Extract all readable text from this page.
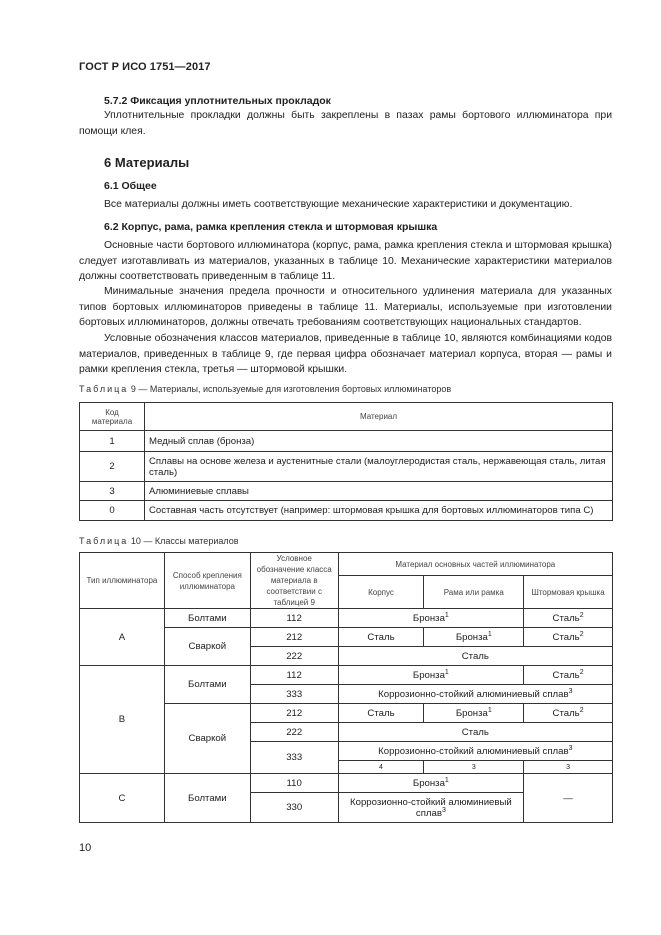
ГОСТ Р ИСО 1751—2017
5.7.2 Фиксация уплотнительных прокладок
Уплотнительные прокладки должны быть закреплены в пазах рамы бортового иллюминатора при помощи клея.
6 Материалы
6.1 Общее
Все материалы должны иметь соответствующие механические характеристики и документацию.
6.2 Корпус, рама, рамка крепления стекла и штормовая крышка
Основные части бортового иллюминатора (корпус, рама, рамка крепления стекла и штормовая крышка) следует изготавливать из материалов, указанных в таблице 10. Механические характеристики материалов должны соответствовать приведенным в таблице 11.
Минимальные значения предела прочности и относительного удлинения материала для указанных типов бортовых иллюминаторов приведены в таблице 11. Материалы, используемые при изготовлении бортовых иллюминаторов, должны отвечать требованиям соответствующих национальных стандартов.
Условные обозначения классов материалов, приведенные в таблице 10, являются комбинациями кодов материалов, приведенных в таблице 9, где первая цифра обозначает материал корпуса, вторая — рамы и рамки крепления стекла, третья — штормовой крышки.
Таблица 9 — Материалы, используемые для изготовления бортовых иллюминаторов
Код материала	Материал
1	Медный сплав (бронза)
2	Сплавы на основе железа и аустенитные стали (малоуглеродистая сталь, нержавеющая сталь, литая сталь)
3	Алюминиевые сплавы
0	Составная часть отсутствует (например: штормовая крышка для бортовых иллюминаторов типа С)
Таблица 10 — Классы материалов
Тип иллюминатора	Способ крепления иллюминатора	Условное обозначение класса материала в соответствии с таблицей 9	Материал основных частей иллюминатора		
			Корпус	Рама или рамка	Штормовая крышка
A	Болтами	112	Бронза$^1$		Сталь$^2$
	Сваркой	212	Сталь	Бронза$^1$	Сталь$^2$
		222	Сталь		
B	Болтами	112	Бронза$^1$		Сталь$^2$
		333	Коррозионно-стойкий алюминиевый сплав$^3$
	Сваркой	212	Сталь	Бронза$^1$	Сталь$^2$
		222	Сталь		
		333	Коррозионно-стойкий алюминиевый сплав$^3$
			4	3	3
C	Болтами	110	Бронза$^1$		—
		330	Коррозионно-стойкий алюминиевый сплав$^3$
10
